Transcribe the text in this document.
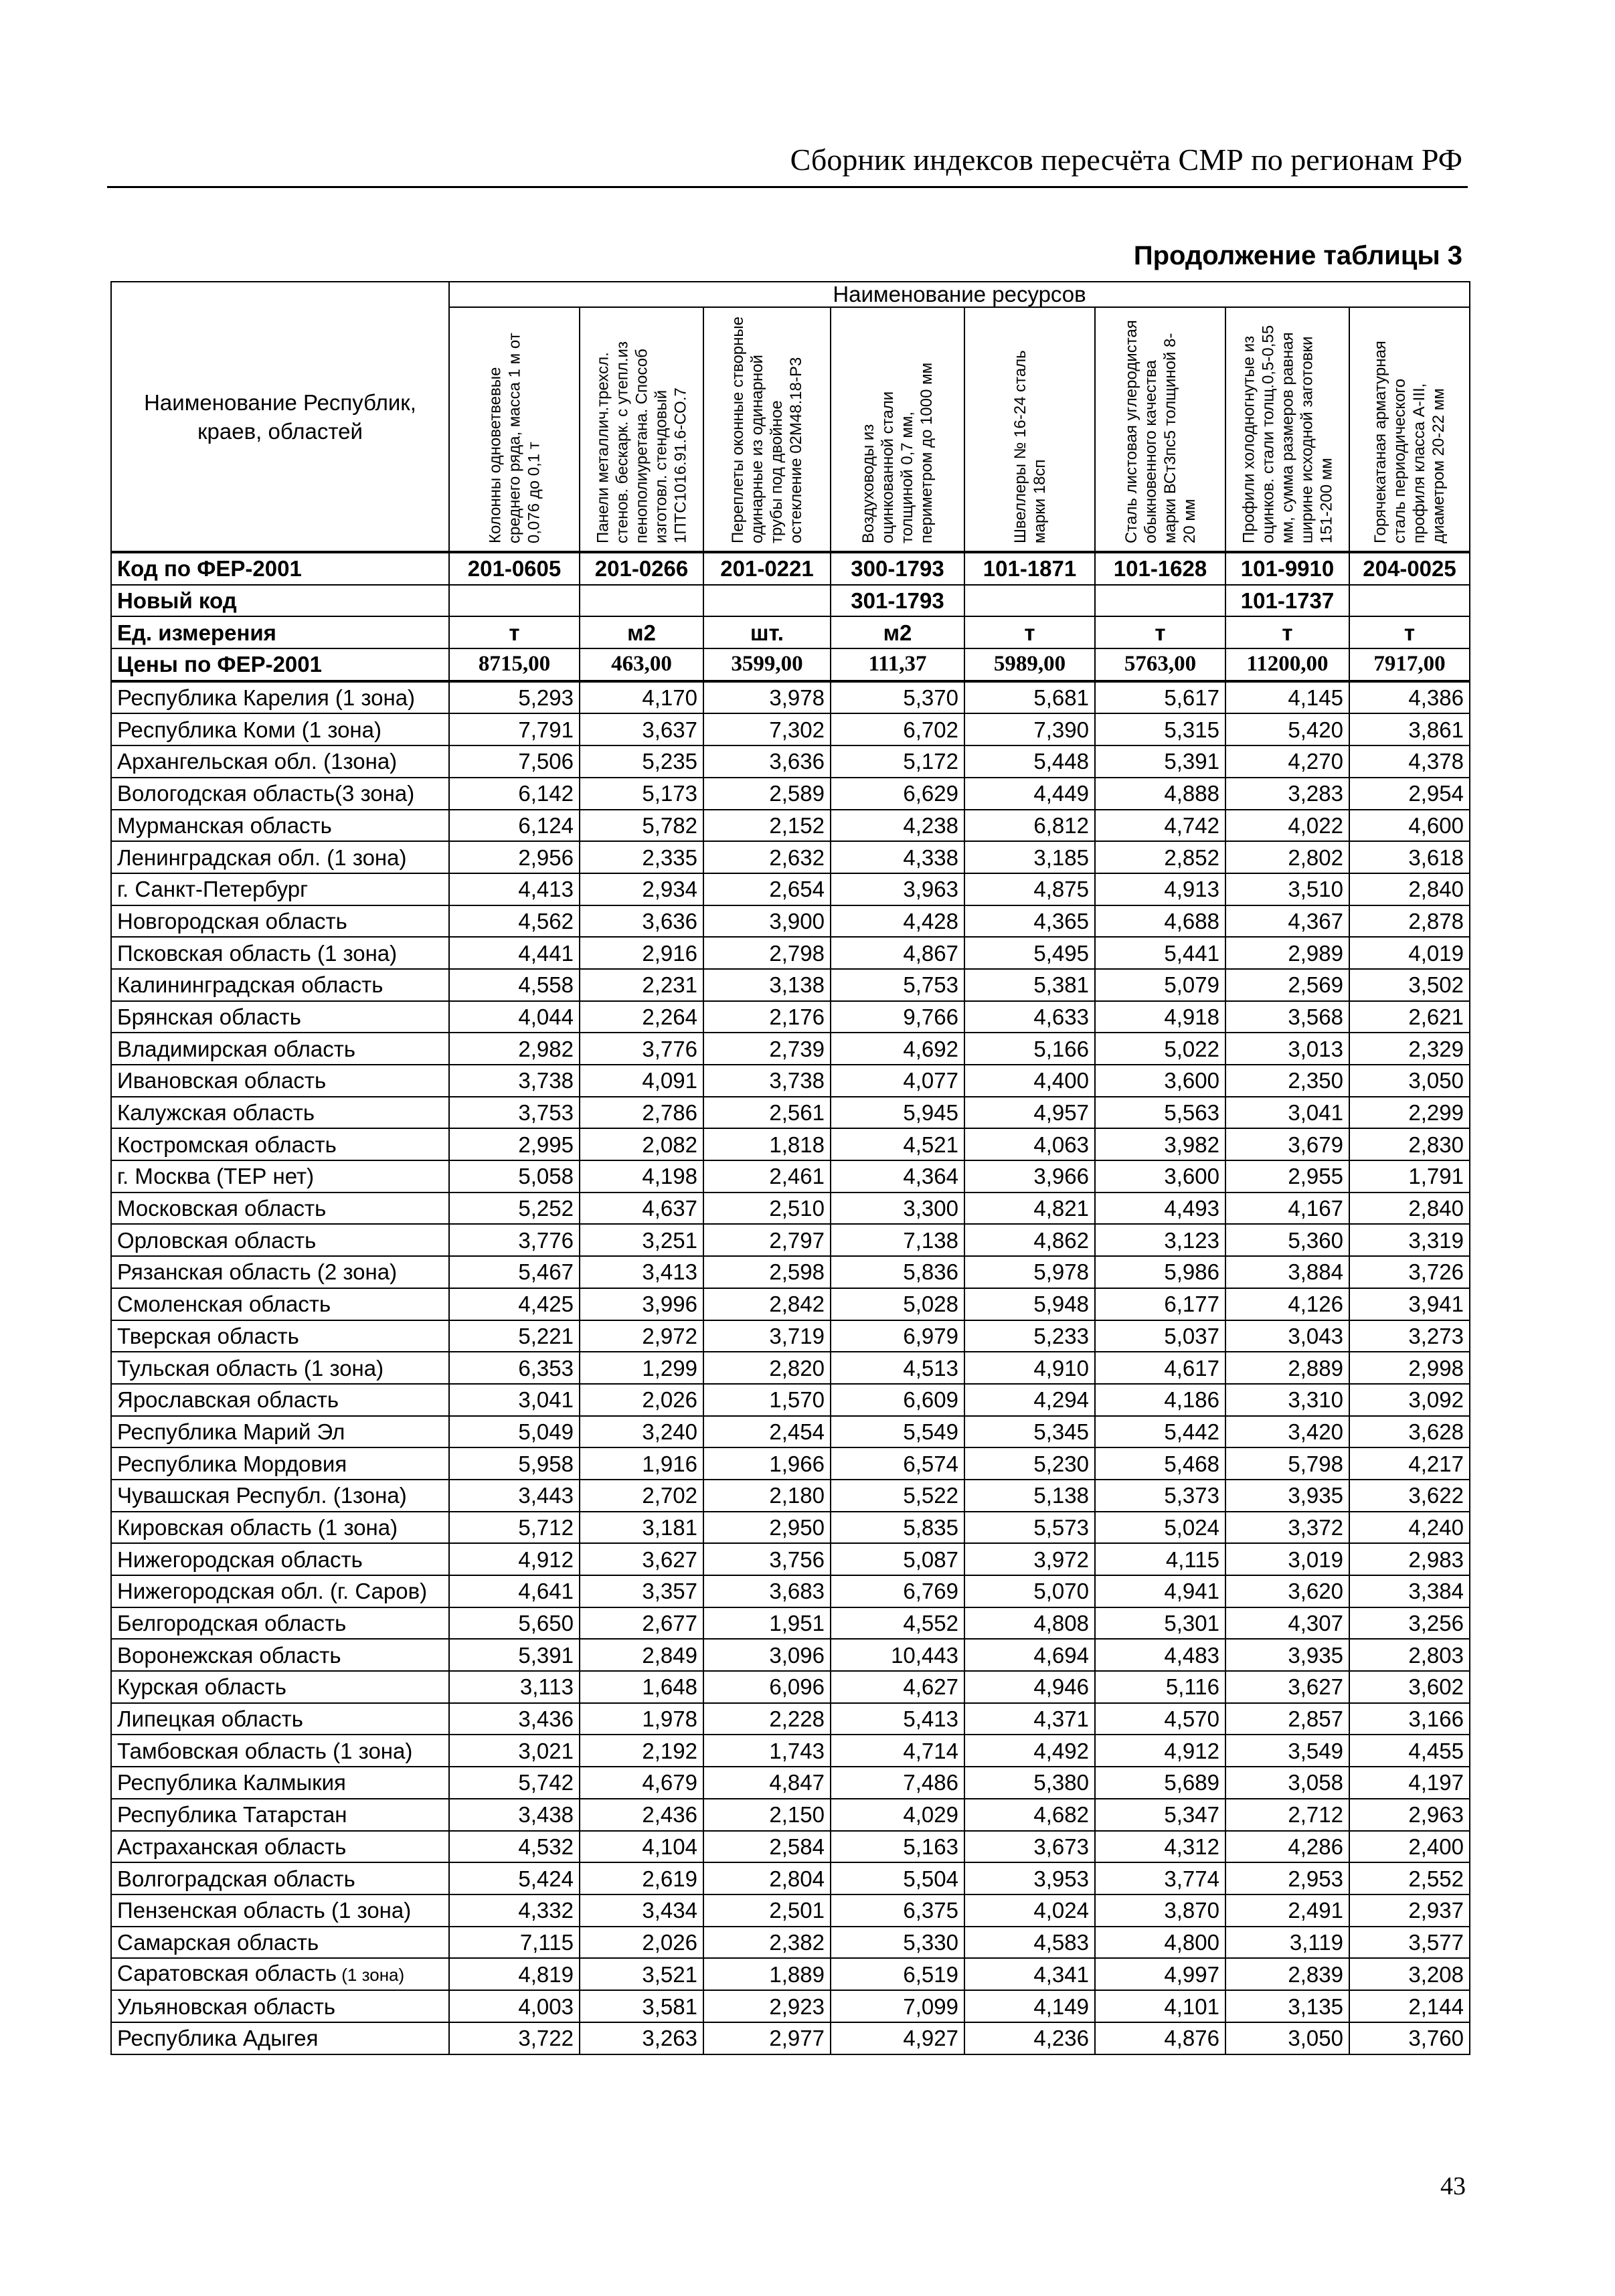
Сборник индексов пересчёта СМР по регионам РФ
Продолжение таблицы 3
Наименование Республик, краев, областей	Наименование ресурсов							

	Колонны одноветвевые среднего ряда, масса 1 м от 0,076 до 0,1 т	Панели металлич.трехсл. стенов. бескарк. с утепл.из пенополиуретана. Способ изготовл. стендовый 1ПТС1016.91.6-СО.7	Переплеты оконные створные одинарные из одинарной трубы под двойное остекление 02М48.18-Р3	Воздуховоды из оцинкованной стали толщиной 0,7 мм, периметром до 1000 мм	Швеллеры № 16-24 сталь марки 18сп	Сталь листовая углеродистая обыкновенного качества марки ВСт3пс5 толщиной 8-20 мм	Профили холодногнутые из оцинков. стали толщ.0,5-0,55 мм, сумма размеров равная ширине исходной заготовки 151-200 мм	Горячекатаная арматурная сталь периодического профиля класса А-III, диаметром 20-22 мм

Код по ФЕР-2001	201-0605	201-0266	201-0221	300-1793	101-1871	101-1628	101-9910	204-0025
Новый код				301-1793			101-1737	
Ед. измерения	т	м2	шт.	м2	т	т	т	т
Цены по ФЕР-2001	8715,00	463,00	3599,00	111,37	5989,00	5763,00	11200,00	7917,00
Республика Карелия (1 зона)	5,293	4,170	3,978	5,370	5,681	5,617	4,145	4,386
Республика Коми (1 зона)	7,791	3,637	7,302	6,702	7,390	5,315	5,420	3,861
Архангельская обл. (1зона)	7,506	5,235	3,636	5,172	5,448	5,391	4,270	4,378
Вологодская область(3 зона)	6,142	5,173	2,589	6,629	4,449	4,888	3,283	2,954
Мурманская область	6,124	5,782	2,152	4,238	6,812	4,742	4,022	4,600
Ленинградская обл. (1 зона)	2,956	2,335	2,632	4,338	3,185	2,852	2,802	3,618
г. Санкт-Петербург	4,413	2,934	2,654	3,963	4,875	4,913	3,510	2,840
Новгородская область	4,562	3,636	3,900	4,428	4,365	4,688	4,367	2,878
Псковская область (1 зона)	4,441	2,916	2,798	4,867	5,495	5,441	2,989	4,019
Калининградская область	4,558	2,231	3,138	5,753	5,381	5,079	2,569	3,502
Брянская область	4,044	2,264	2,176	9,766	4,633	4,918	3,568	2,621
Владимирская область	2,982	3,776	2,739	4,692	5,166	5,022	3,013	2,329
Ивановская область	3,738	4,091	3,738	4,077	4,400	3,600	2,350	3,050
Калужская область	3,753	2,786	2,561	5,945	4,957	5,563	3,041	2,299
Костромская область	2,995	2,082	1,818	4,521	4,063	3,982	3,679	2,830
г. Москва (ТЕР нет)	5,058	4,198	2,461	4,364	3,966	3,600	2,955	1,791
Московская область	5,252	4,637	2,510	3,300	4,821	4,493	4,167	2,840
Орловская область	3,776	3,251	2,797	7,138	4,862	3,123	5,360	3,319
Рязанская область (2 зона)	5,467	3,413	2,598	5,836	5,978	5,986	3,884	3,726
Смоленская область	4,425	3,996	2,842	5,028	5,948	6,177	4,126	3,941
Тверская область	5,221	2,972	3,719	6,979	5,233	5,037	3,043	3,273
Тульская область (1 зона)	6,353	1,299	2,820	4,513	4,910	4,617	2,889	2,998
Ярославская область	3,041	2,026	1,570	6,609	4,294	4,186	3,310	3,092
Республика Марий Эл	5,049	3,240	2,454	5,549	5,345	5,442	3,420	3,628
Республика Мордовия	5,958	1,916	1,966	6,574	5,230	5,468	5,798	4,217
Чувашская Республ. (1зона)	3,443	2,702	2,180	5,522	5,138	5,373	3,935	3,622
Кировская область (1 зона)	5,712	3,181	2,950	5,835	5,573	5,024	3,372	4,240
Нижегородская область	4,912	3,627	3,756	5,087	3,972	4,115	3,019	2,983
Нижегородская обл. (г. Саров)	4,641	3,357	3,683	6,769	5,070	4,941	3,620	3,384
Белгородская область	5,650	2,677	1,951	4,552	4,808	5,301	4,307	3,256
Воронежская область	5,391	2,849	3,096	10,443	4,694	4,483	3,935	2,803
Курская область	3,113	1,648	6,096	4,627	4,946	5,116	3,627	3,602
Липецкая область	3,436	1,978	2,228	5,413	4,371	4,570	2,857	3,166
Тамбовская область (1 зона)	3,021	2,192	1,743	4,714	4,492	4,912	3,549	4,455
Республика Калмыкия	5,742	4,679	4,847	7,486	5,380	5,689	3,058	4,197
Республика Татарстан	3,438	2,436	2,150	4,029	4,682	5,347	2,712	2,963
Астраханская область	4,532	4,104	2,584	5,163	3,673	4,312	4,286	2,400
Волгоградская область	5,424	2,619	2,804	5,504	3,953	3,774	2,953	2,552
Пензенская область (1 зона)	4,332	3,434	2,501	6,375	4,024	3,870	2,491	2,937
Самарская область	7,115	2,026	2,382	5,330	4,583	4,800	3,119	3,577
Саратовская область (1 зона)	4,819	3,521	1,889	6,519	4,341	4,997	2,839	3,208
Ульяновская область	4,003	3,581	2,923	7,099	4,149	4,101	3,135	2,144
Республика Адыгея	3,722	3,263	2,977	4,927	4,236	4,876	3,050	3,760
43
